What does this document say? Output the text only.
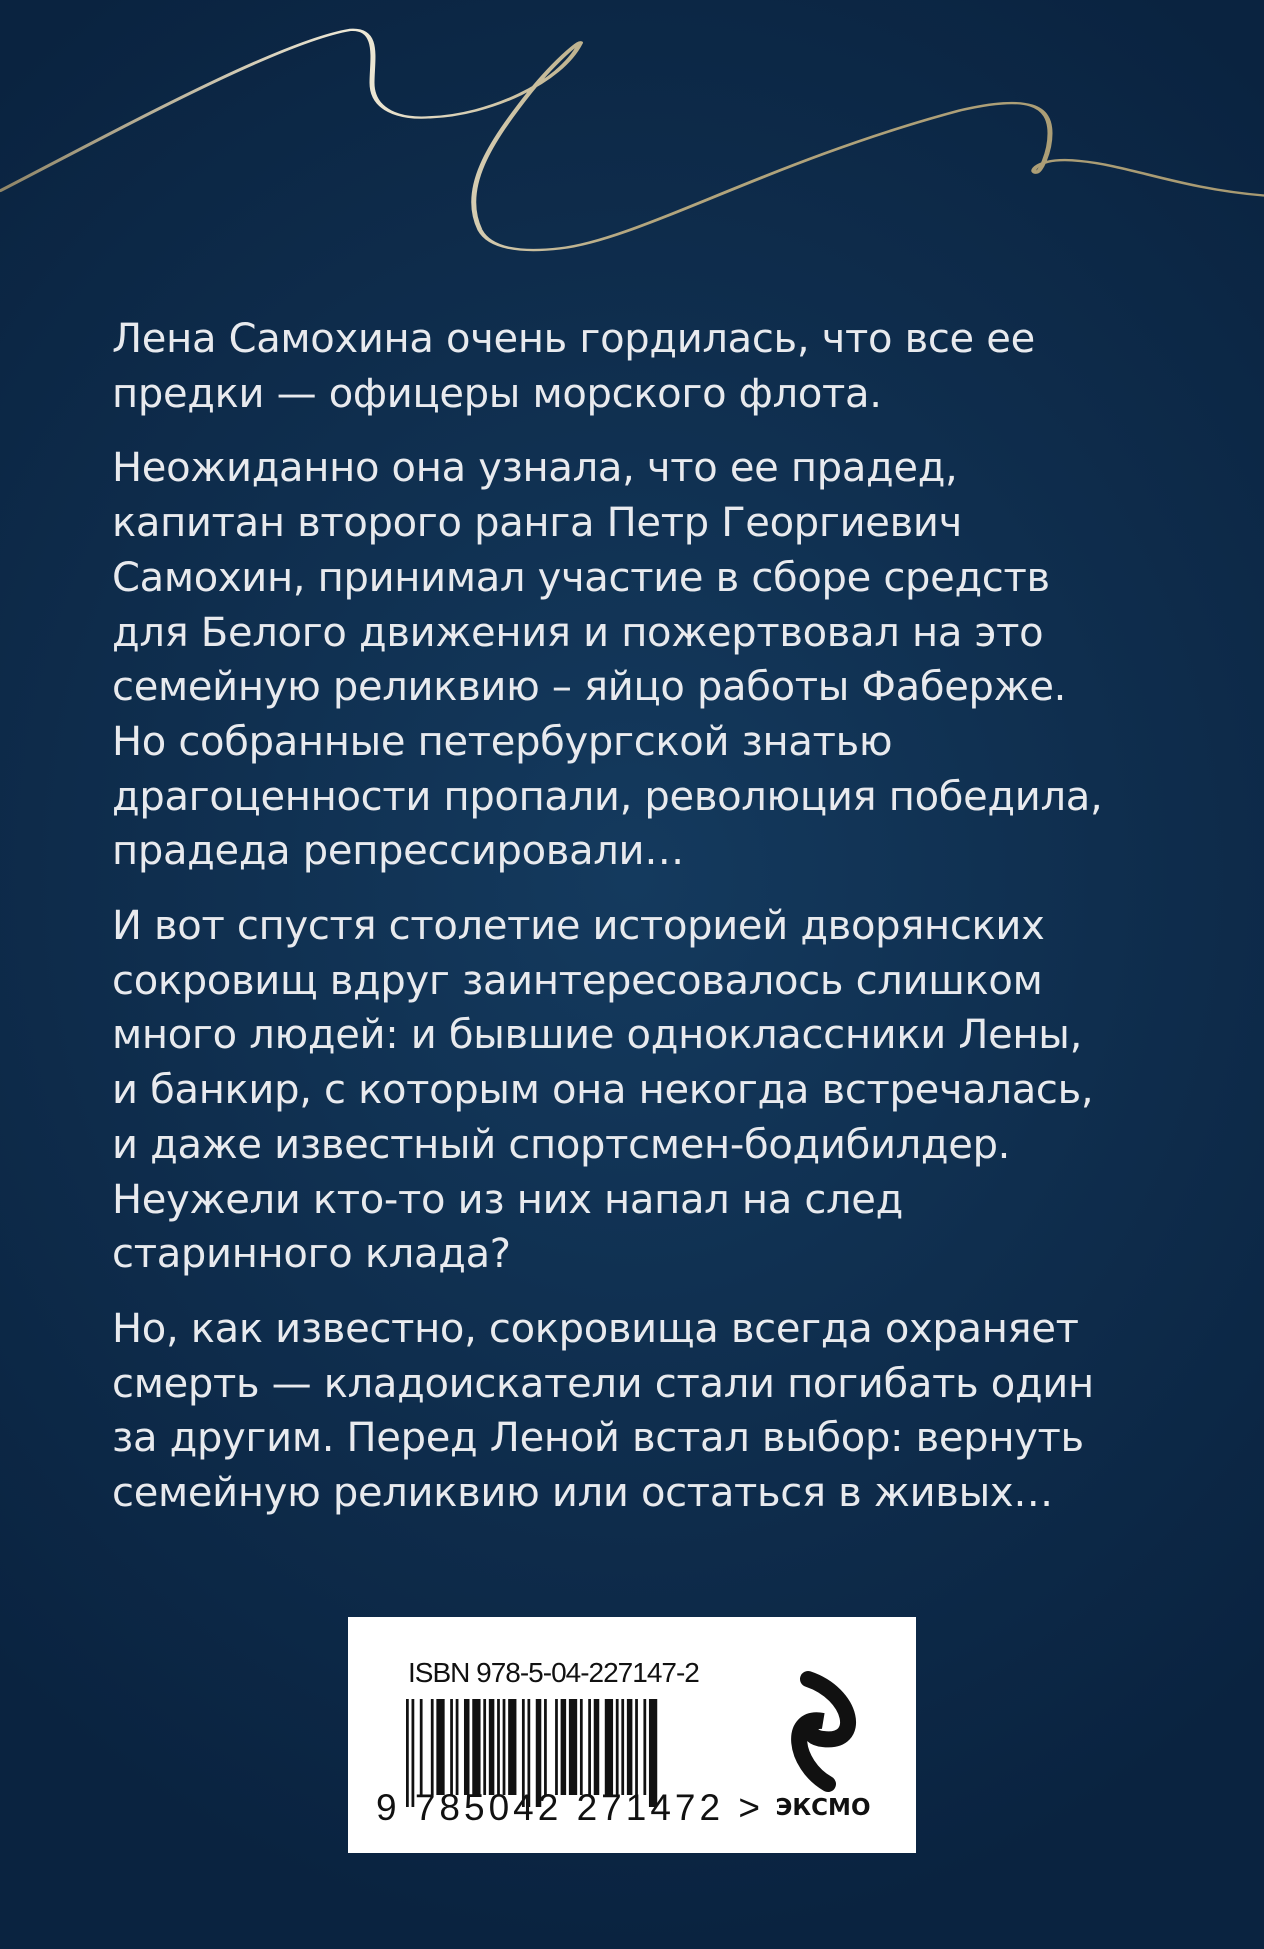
Лена Самохина очень гордилась, что все ее
предки — офицеры морского флота.

Неожиданно она узнала, что ее прадед,
капитан второго ранга Петр Георгиевич
Самохин, принимал участие в сборе средств
для Белого движения и пожертвовал на это
семейную реликвию – яйцо работы Фаберже.
Но собранные петербургской знатью
драгоценности пропали, революция победила,
прадеда репрессировали…

И вот спустя столетие историей дворянских
сокровищ вдруг заинтересовалось слишком
много людей: и бывшие одноклассники Лены,
и банкир, с которым она некогда встречалась,
и даже известный спортсмен-бодибилдер.
Неужели кто-то из них напал на след
старинного клада?

Но, как известно, сокровища всегда охраняет
смерть — кладоискатели стали погибать один
за другим. Перед Леной встал выбор: вернуть
семейную реликвию или остаться в живых…

ISBN 978-5-04-227147-2
9 785042 271472 > ЭКСМО
